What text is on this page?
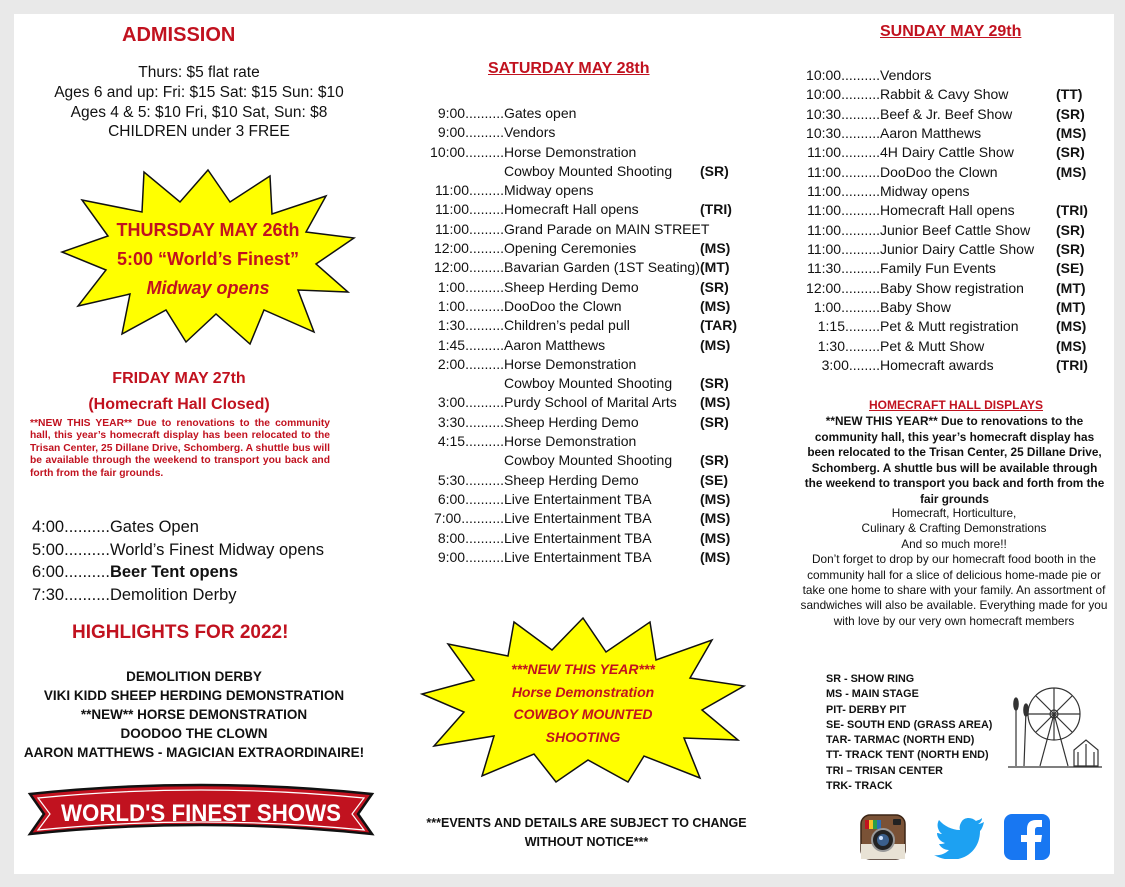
ADMISSION
Thurs: $5 flat rate
Ages 6 and up: Fri: $15 Sat: $15 Sun: $10
Ages 4 & 5: $10 Fri, $10 Sat, Sun: $8
CHILDREN under 3 FREE
THURSDAY MAY 26th
5:00 “World’s Finest”
Midway opens
FRIDAY MAY 27th
(Homecraft Hall Closed)
**NEW THIS YEAR** Due to renovations to the community hall, this year’s homecraft display has been relocated to the Trisan Center, 25 Dillane Drive, Schomberg. A shuttle bus will be available through the weekend to transport you back and forth from the fair grounds.
4:00..........Gates Open
5:00..........World’s Finest Midway opens
6:00..........Beer Tent opens
7:30..........Demolition Derby
HIGHLIGHTS FOR 2022!
DEMOLITION DERBY
VIKI KIDD SHEEP HERDING DEMONSTRATION
**NEW** HORSE DEMONSTRATION
DOODOO THE CLOWN
AARON MATTHEWS - MAGICIAN EXTRAORDINAIRE!
WORLD'S FINEST SHOWS
SATURDAY MAY 28th
9:00.......... Gates open
9:00.......... Vendors
10:00.......... Horse Demonstration
Cowboy Mounted Shooting (SR)
11:00......... Midway opens
11:00......... Homecraft Hall opens	(TRI)
11:00......... Grand Parade on MAIN STREET
12:00......... Opening Ceremonies	(MS)
12:00......... Bavarian Garden (1ST Seating) (MT)
1:00.......... Sheep Herding Demo	(SR)
1:00.......... DooDoo the Clown	(MS)
1:30.......... Children’s pedal pull	(TAR)
1:45.......... Aaron Matthews	(MS)
2:00.......... Horse Demonstration
Cowboy Mounted Shooting (SR)
3:00.......... Purdy School of Marital Arts (MS)
3:30.......... Sheep Herding Demo	(SR)
4:15.......... Horse Demonstration
Cowboy Mounted Shooting (SR)
5:30.......... Sheep Herding Demo	(SE)
6:00.......... Live Entertainment TBA	(MS)
7:00........... Live Entertainment TBA	(MS)
8:00.......... Live Entertainment TBA	(MS)
9:00.......... Live Entertainment TBA	(MS)
***NEW THIS YEAR***
Horse Demonstration
COWBOY MOUNTED
SHOOTING
***EVENTS AND DETAILS ARE SUBJECT TO CHANGE WITHOUT NOTICE***
SUNDAY MAY 29th
10:00.......... Vendors
10:00.......... Rabbit & Cavy Show	(TT)
10:30.......... Beef & Jr. Beef Show	(SR)
10:30.......... Aaron Matthews	(MS)
11:00.......... 4H Dairy Cattle Show	(SR)
11:00.......... DooDoo the Clown	(MS)
11:00.......... Midway opens
11:00.......... Homecraft Hall opens	(TRI)
11:00.......... Junior Beef Cattle Show (SR)
11:00.......... Junior Dairy Cattle Show (SR)
11:30.......... Family Fun Events	(SE)
12:00.......... Baby Show registration (MT)
1:00.......... Baby Show	(MT)
1:15......... Pet & Mutt registration	(MS)
1:30......... Pet & Mutt Show	(MS)
3:00........ Homecraft awards	(TRI)
HOMECRAFT HALL DISPLAYS
**NEW THIS YEAR** Due to renovations to the community hall, this year’s homecraft display has been relocated to the Trisan Center, 25 Dillane Drive, Schomberg. A shuttle bus will be available through the weekend to transport you back and forth from the fair grounds
Homecraft, Horticulture,
Culinary & Crafting Demonstrations
And so much more!!
Don’t forget to drop by our homecraft food booth in the community hall for a slice of delicious home-made pie or take one home to share with your family. An assortment of sandwiches will also be available. Everything made for you with love by our very own homecraft members
SR - SHOW RING
MS - MAIN STAGE
PIT- DERBY PIT
SE- SOUTH END (GRASS AREA)
TAR- TARMAC (NORTH END)
TT- TRACK TENT (NORTH END)
TRI – TRISAN CENTER
TRK- TRACK
